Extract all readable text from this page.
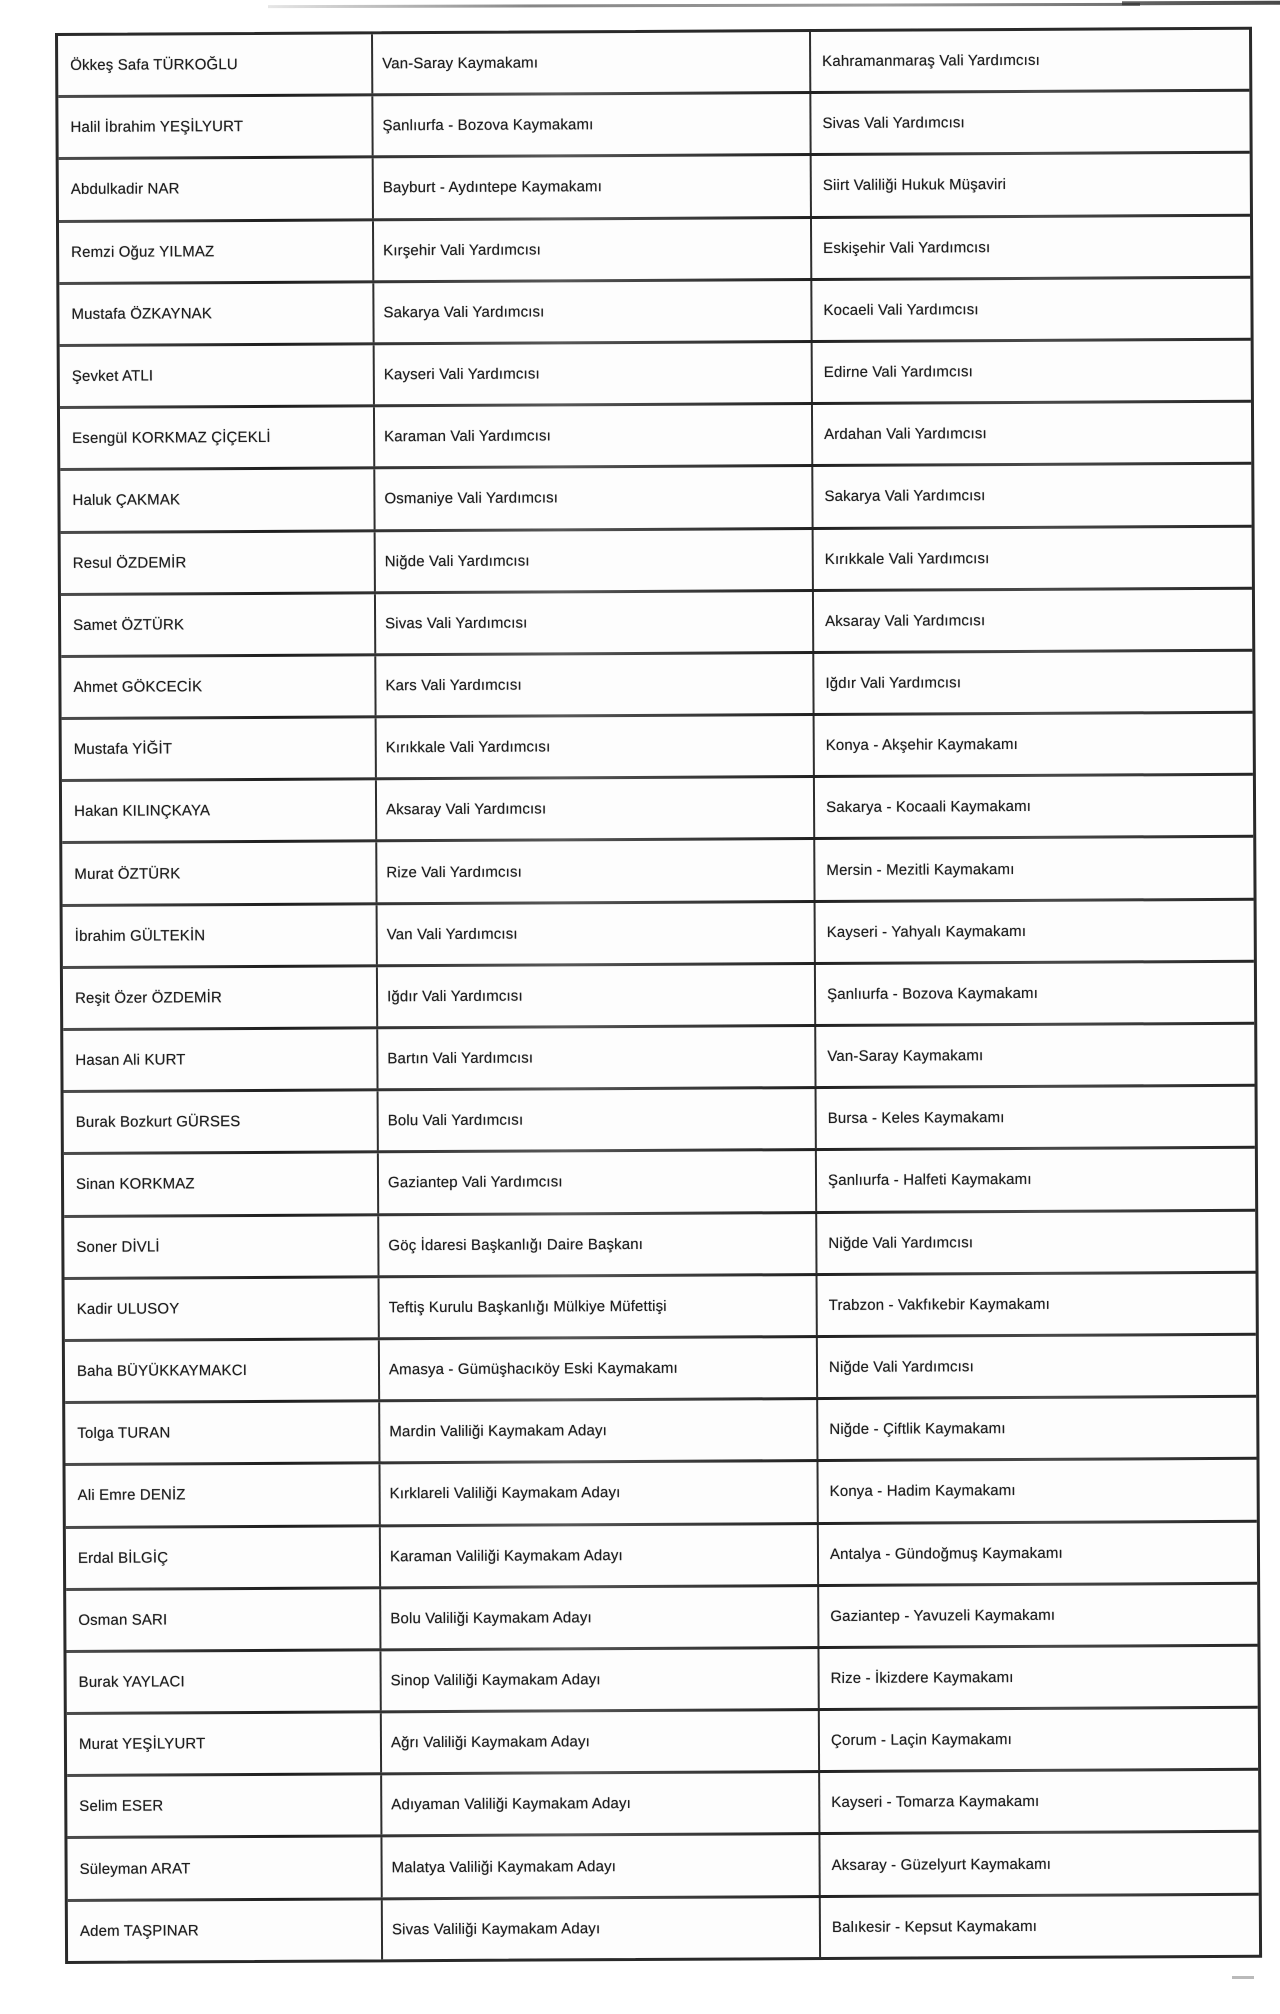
Ökkeş Safa TÜRKOĞLU	Van-Saray Kaymakamı	Kahramanmaraş Vali Yardımcısı
Halil İbrahim YEŞİLYURT	Şanlıurfa - Bozova Kaymakamı	Sivas Vali Yardımcısı
Abdulkadir NAR	Bayburt - Aydıntepe Kaymakamı	Siirt Valiliği Hukuk Müşaviri
Remzi Oğuz YILMAZ	Kırşehir Vali Yardımcısı	Eskişehir Vali Yardımcısı
Mustafa ÖZKAYNAK	Sakarya Vali Yardımcısı	Kocaeli Vali Yardımcısı
Şevket ATLI	Kayseri Vali Yardımcısı	Edirne Vali Yardımcısı
Esengül KORKMAZ ÇİÇEKLİ	Karaman Vali Yardımcısı	Ardahan Vali Yardımcısı
Haluk ÇAKMAK	Osmaniye Vali Yardımcısı	Sakarya Vali Yardımcısı
Resul ÖZDEMİR	Niğde Vali Yardımcısı	Kırıkkale Vali Yardımcısı
Samet ÖZTÜRK	Sivas Vali Yardımcısı	Aksaray Vali Yardımcısı
Ahmet GÖKCECİK	Kars Vali Yardımcısı	Iğdır Vali Yardımcısı
Mustafa YİĞİT	Kırıkkale Vali Yardımcısı	Konya - Akşehir Kaymakamı
Hakan KILINÇKAYA	Aksaray Vali Yardımcısı	Sakarya - Kocaali Kaymakamı
Murat ÖZTÜRK	Rize Vali Yardımcısı	Mersin - Mezitli Kaymakamı
İbrahim GÜLTEKİN	Van Vali Yardımcısı	Kayseri - Yahyalı Kaymakamı
Reşit Özer ÖZDEMİR	Iğdır Vali Yardımcısı	Şanlıurfa - Bozova Kaymakamı
Hasan Ali KURT	Bartın Vali Yardımcısı	Van-Saray Kaymakamı
Burak Bozkurt GÜRSES	Bolu Vali Yardımcısı	Bursa - Keles Kaymakamı
Sinan KORKMAZ	Gaziantep Vali Yardımcısı	Şanlıurfa - Halfeti Kaymakamı
Soner DİVLİ	Göç İdaresi Başkanlığı Daire Başkanı	Niğde Vali Yardımcısı
Kadir ULUSOY	Teftiş Kurulu Başkanlığı Mülkiye Müfettişi	Trabzon - Vakfıkebir Kaymakamı
Baha BÜYÜKKAYMAKCI	Amasya - Gümüşhacıköy Eski Kaymakamı	Niğde Vali Yardımcısı
Tolga TURAN	Mardin Valiliği Kaymakam Adayı	Niğde - Çiftlik Kaymakamı
Ali Emre DENİZ	Kırklareli Valiliği Kaymakam Adayı	Konya - Hadim Kaymakamı
Erdal BİLGİÇ	Karaman Valiliği Kaymakam Adayı	Antalya - Gündoğmuş Kaymakamı
Osman SARI	Bolu Valiliği Kaymakam Adayı	Gaziantep - Yavuzeli Kaymakamı
Burak YAYLACI	Sinop Valiliği Kaymakam Adayı	Rize - İkizdere Kaymakamı
Murat YEŞİLYURT	Ağrı Valiliği Kaymakam Adayı	Çorum - Laçin Kaymakamı
Selim ESER	Adıyaman Valiliği Kaymakam Adayı	Kayseri - Tomarza Kaymakamı
Süleyman ARAT	Malatya Valiliği Kaymakam Adayı	Aksaray - Güzelyurt Kaymakamı
Adem TAŞPINAR	Sivas Valiliği Kaymakam Adayı	Balıkesir - Kepsut Kaymakamı
